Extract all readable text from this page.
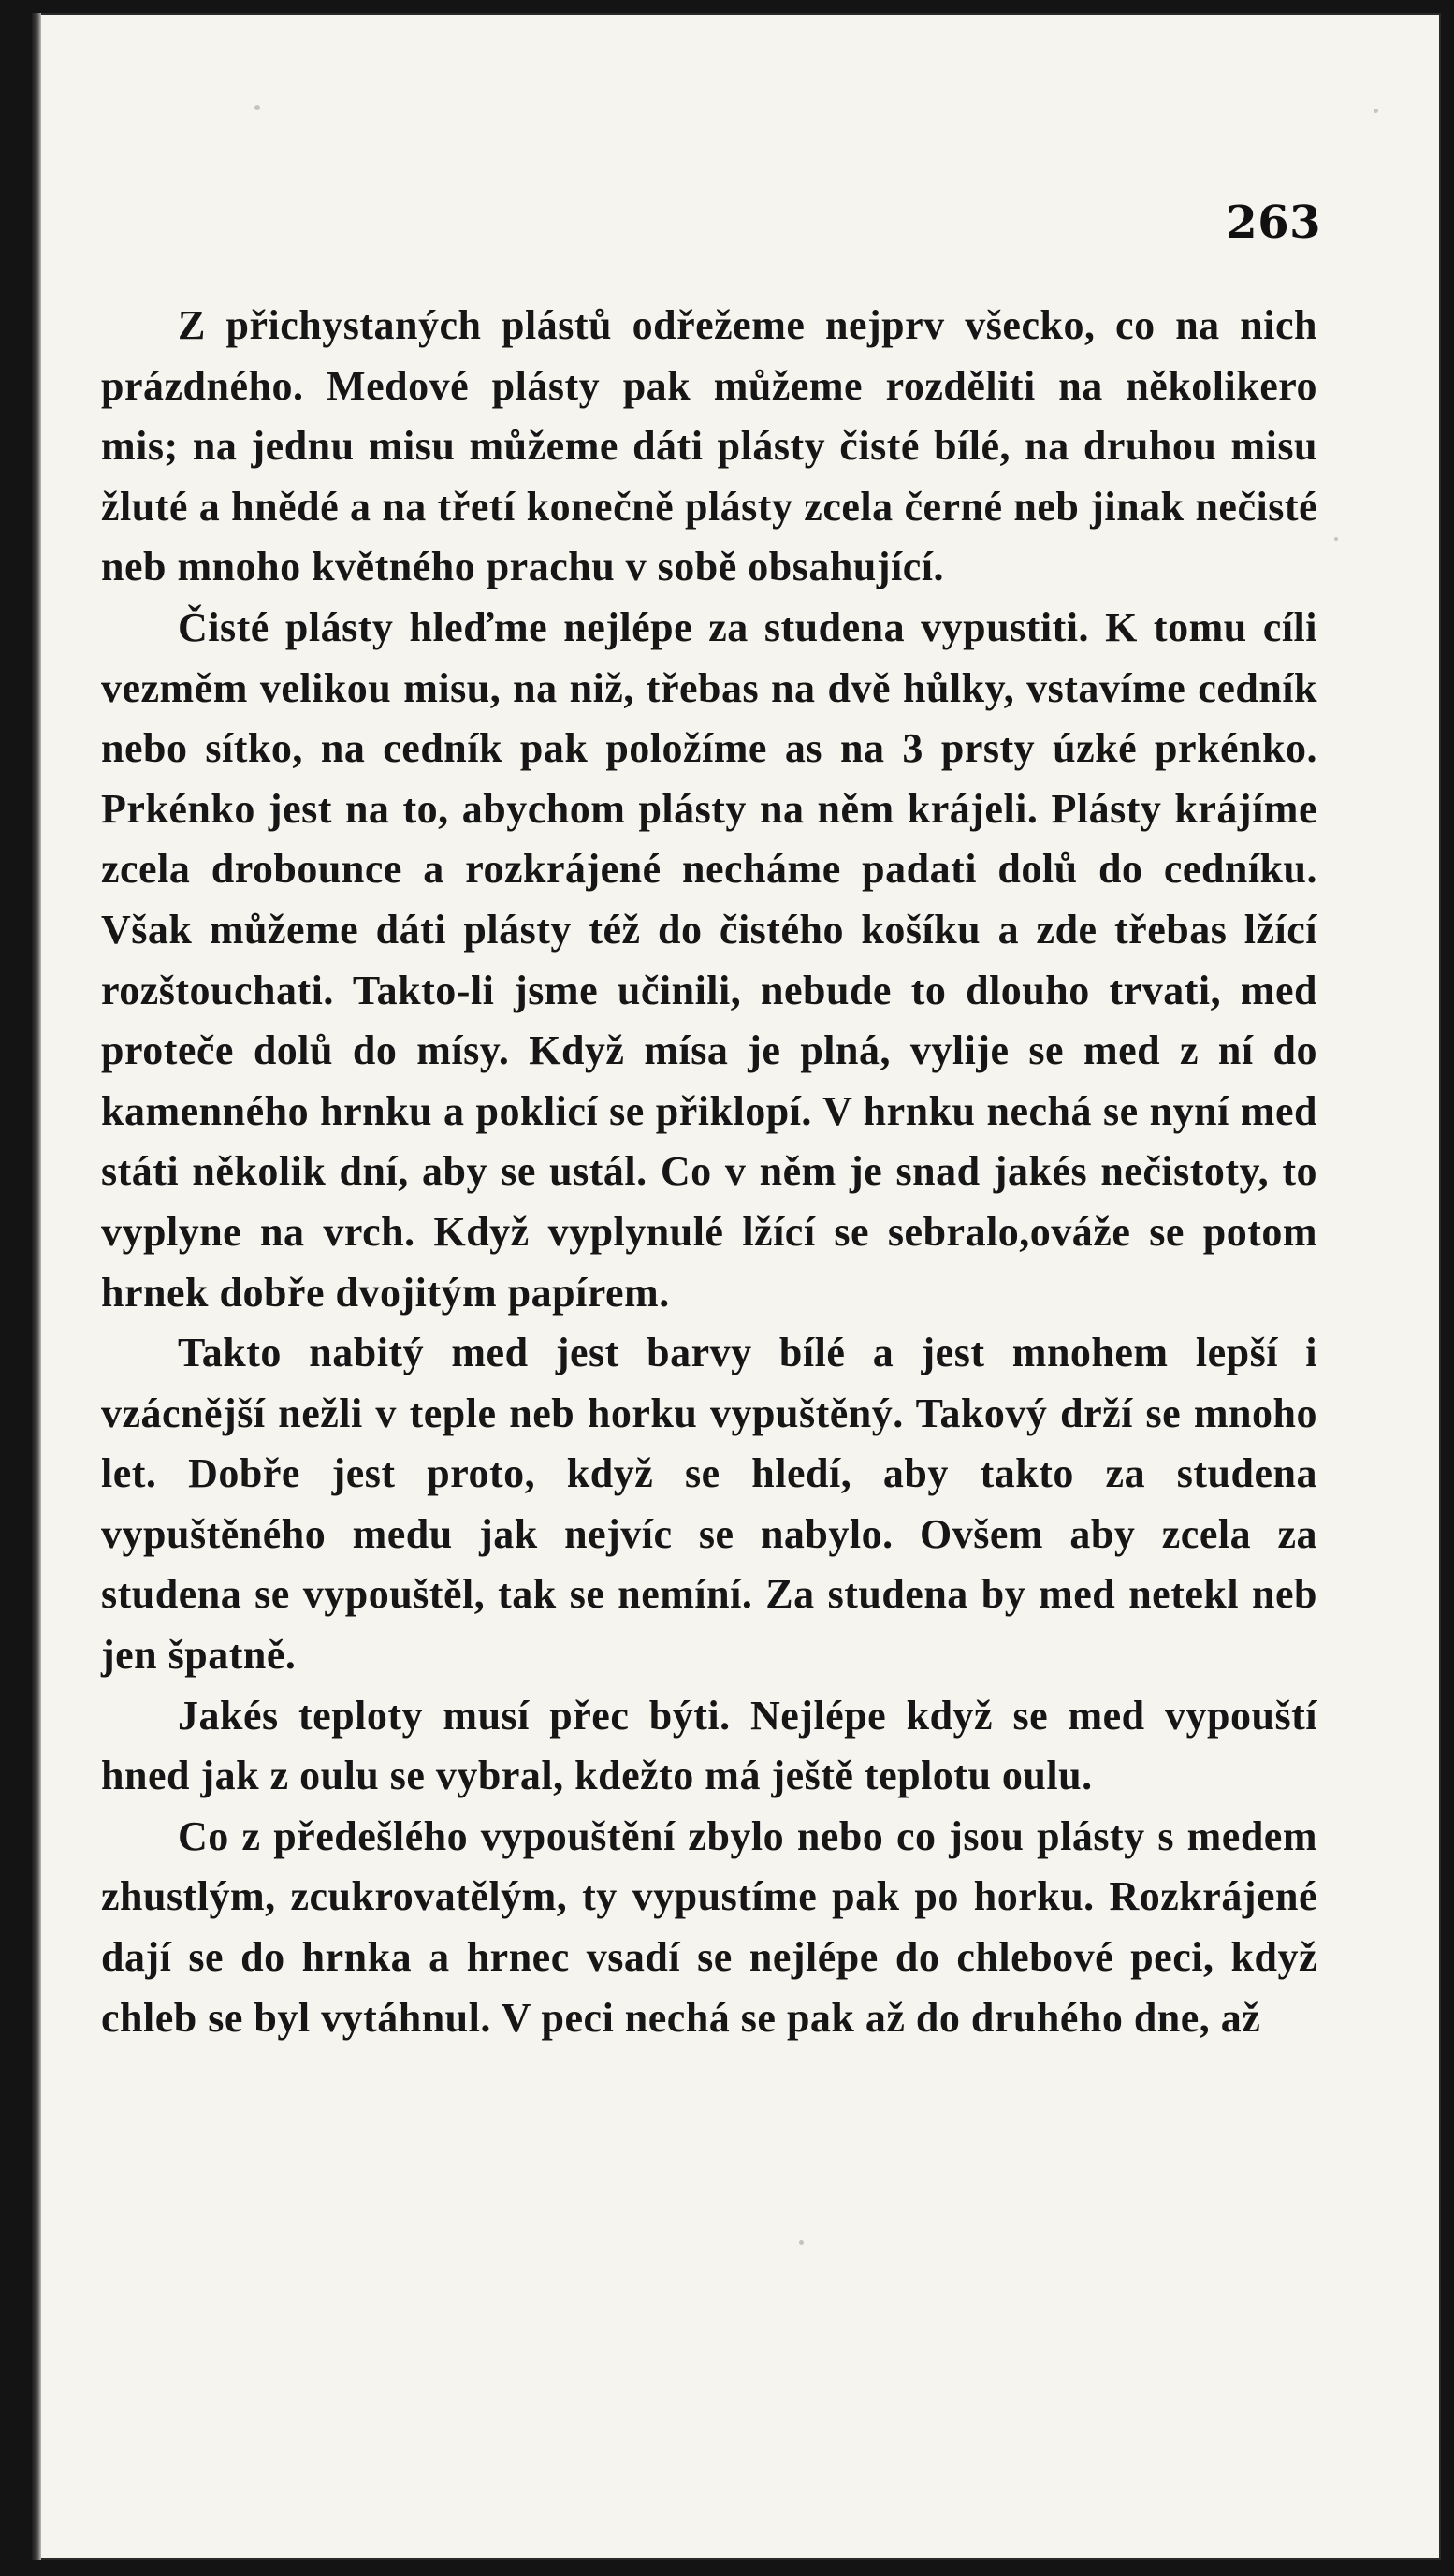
263

Z přichystaných plástů odřežeme nejprv všecko, co na nich prázdného. Medové plásty pak můžeme rozděliti na několikero mis; na jednu misu můžeme dáti plásty čisté bílé, na druhou misu žluté a hnědé a na třetí konečně plásty zcela černé neb jinak nečisté neb mnoho květného prachu v sobě obsahující.

Čisté plásty hleďme nejlépe za studena vypustiti. K tomu cíli vezměm velikou misu, na niž, třebas na dvě hůlky, vstavíme cedník nebo sítko, na cedník pak položíme as na 3 prsty úzké prkénko. Prkénko jest na to, abychom plásty na něm krájeli. Plásty krájíme zcela drobounce a rozkrájené necháme padati dolů do cedníku. Však můžeme dáti plásty též do čistého košíku a zde třebas lžící rozštouchati. Takto-li jsme učinili, nebude to dlouho trvati, med proteče dolů do mísy. Když mísa je plná, vylije se med z ní do kamenného hrnku a poklicí se přiklopí. V hrnku nechá se nyní med státi několik dní, aby se ustál. Co v něm je snad jakés nečistoty, to vyplyne na vrch. Když vyplynulé lžící se sebralo,ováže se potom hrnek dobře dvojitým papírem.

Takto nabitý med jest barvy bílé a jest mnohem lepší i vzácnější nežli v teple neb horku vypuštěný. Takový drží se mnoho let. Dobře jest proto, když se hledí, aby takto za studena vypuštěného medu jak nejvíc se nabylo. Ovšem aby zcela za studena se vypouštěl, tak se nemíní. Za studena by med netekl neb jen špatně.

Jakés teploty musí přec býti. Nejlépe když se med vypouští hned jak z oulu se vybral, kdežto má ještě teplotu oulu.

Co z předešlého vypouštění zbylo nebo co jsou plásty s medem zhustlým, zcukrovatělým, ty vypustíme pak po horku. Rozkrájené dají se do hrnka a hrnec vsadí se nejlépe do chlebové peci, když chleb se byl vytáhnul. V peci nechá se pak až do druhého dne, až
